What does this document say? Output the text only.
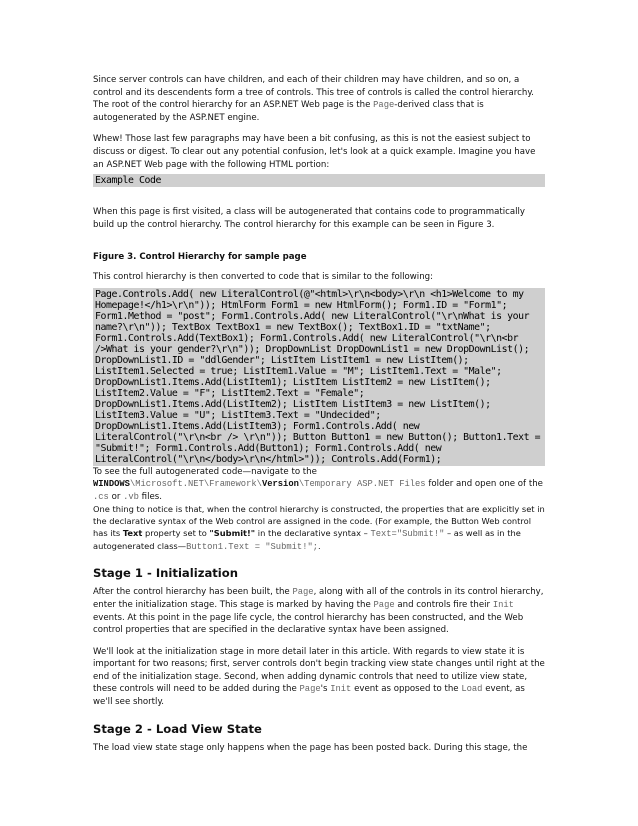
Since server controls can have children, and each of their children may have children, and so on, a control and its descendents form a tree of controls. This tree of controls is called the control hierarchy. The root of the control hierarchy for an ASP.NET Web page is the Page-derived class that is autogenerated by the ASP.NET engine.

Whew! Those last few paragraphs may have been a bit confusing, as this is not the easiest subject to discuss or digest. To clear out any potential confusion, let's look at a quick example. Imagine you have an ASP.NET Web page with the following HTML portion:

Example Code

When this page is first visited, a class will be autogenerated that contains code to programmatically build up the control hierarchy. The control hierarchy for this example can be seen in Figure 3.

Figure 3. Control Hierarchy for sample page

This control hierarchy is then converted to code that is similar to the following:

Page.Controls.Add( new LiteralControl(@"<html>\r\n<body>\r\n <h1>Welcome to my Homepage!</h1>\r\n")); HtmlForm Form1 = new HtmlForm(); Form1.ID = "Form1"; Form1.Method = "post"; Form1.Controls.Add( new LiteralControl("\r\nWhat is your name?\r\n")); TextBox TextBox1 = new TextBox(); TextBox1.ID = "txtName"; Form1.Controls.Add(TextBox1); Form1.Controls.Add( new LiteralControl("\r\n<br />What is your gender?\r\n")); DropDownList DropDownList1 = new DropDownList(); DropDownList1.ID = "ddlGender"; ListItem ListItem1 = new ListItem(); ListItem1.Selected = true; ListItem1.Value = "M"; ListItem1.Text = "Male"; DropDownList1.Items.Add(ListItem1); ListItem ListItem2 = new ListItem(); ListItem2.Value = "F"; ListItem2.Text = "Female"; DropDownList1.Items.Add(ListItem2); ListItem ListItem3 = new ListItem(); ListItem3.Value = "U"; ListItem3.Text = "Undecided"; DropDownList1.Items.Add(ListItem3); Form1.Controls.Add( new LiteralControl("\r\n<br /> \r\n")); Button Button1 = new Button(); Button1.Text = "Submit!"; Form1.Controls.Add(Button1); Form1.Controls.Add( new LiteralControl("\r\n</body>\r\n</html>")); Controls.Add(Form1);

To see the full autogenerated code—navigate to the WINDOWS\Microsoft.NET\Framework\Version\Temporary ASP.NET Files folder and open one of the .cs or .vb files.

One thing to notice is that, when the control hierarchy is constructed, the properties that are explicitly set in the declarative syntax of the Web control are assigned in the code. (For example, the Button Web control has its Text property set to "Submit!" in the declarative syntax – Text="Submit!" – as well as in the autogenerated class—Button1.Text = "Submit!";.

Stage 1 - Initialization

After the control hierarchy has been built, the Page, along with all of the controls in its control hierarchy, enter the initialization stage. This stage is marked by having the Page and controls fire their Init events. At this point in the page life cycle, the control hierarchy has been constructed, and the Web control properties that are specified in the declarative syntax have been assigned.

We'll look at the initialization stage in more detail later in this article. With regards to view state it is important for two reasons; first, server controls don't begin tracking view state changes until right at the end of the initialization stage. Second, when adding dynamic controls that need to utilize view state, these controls will need to be added during the Page's Init event as opposed to the Load event, as we'll see shortly.

Stage 2 - Load View State

The load view state stage only happens when the page has been posted back. During this stage, the
